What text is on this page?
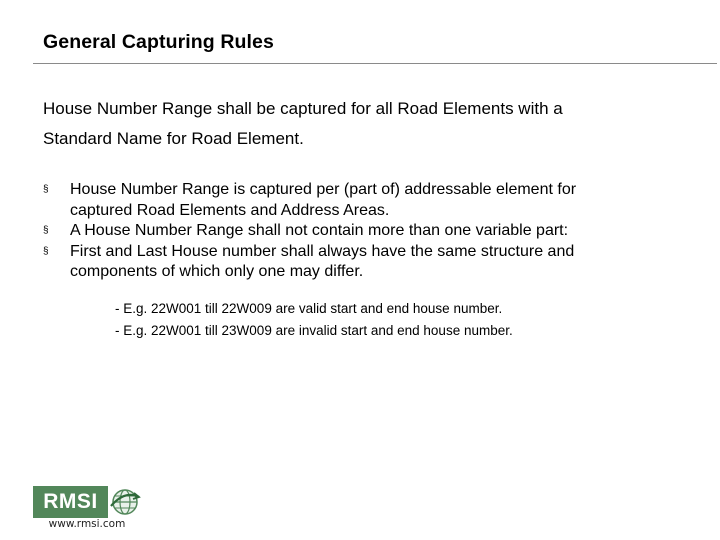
General Capturing Rules
House Number Range shall be captured for all Road Elements with a
Standard Name for Road Element.
§ House Number Range is captured per (part of) addressable element for
captured Road Elements and Address Areas.
§ A House Number Range shall not contain more than one variable part:
§ First and Last House number shall always have the same structure and
components of which only one may differ.
- E.g. 22W001 till 22W009 are valid start and end house number.
- E.g. 22W001 till 23W009 are invalid start and end house number.
RMSI
www.rmsi.com
